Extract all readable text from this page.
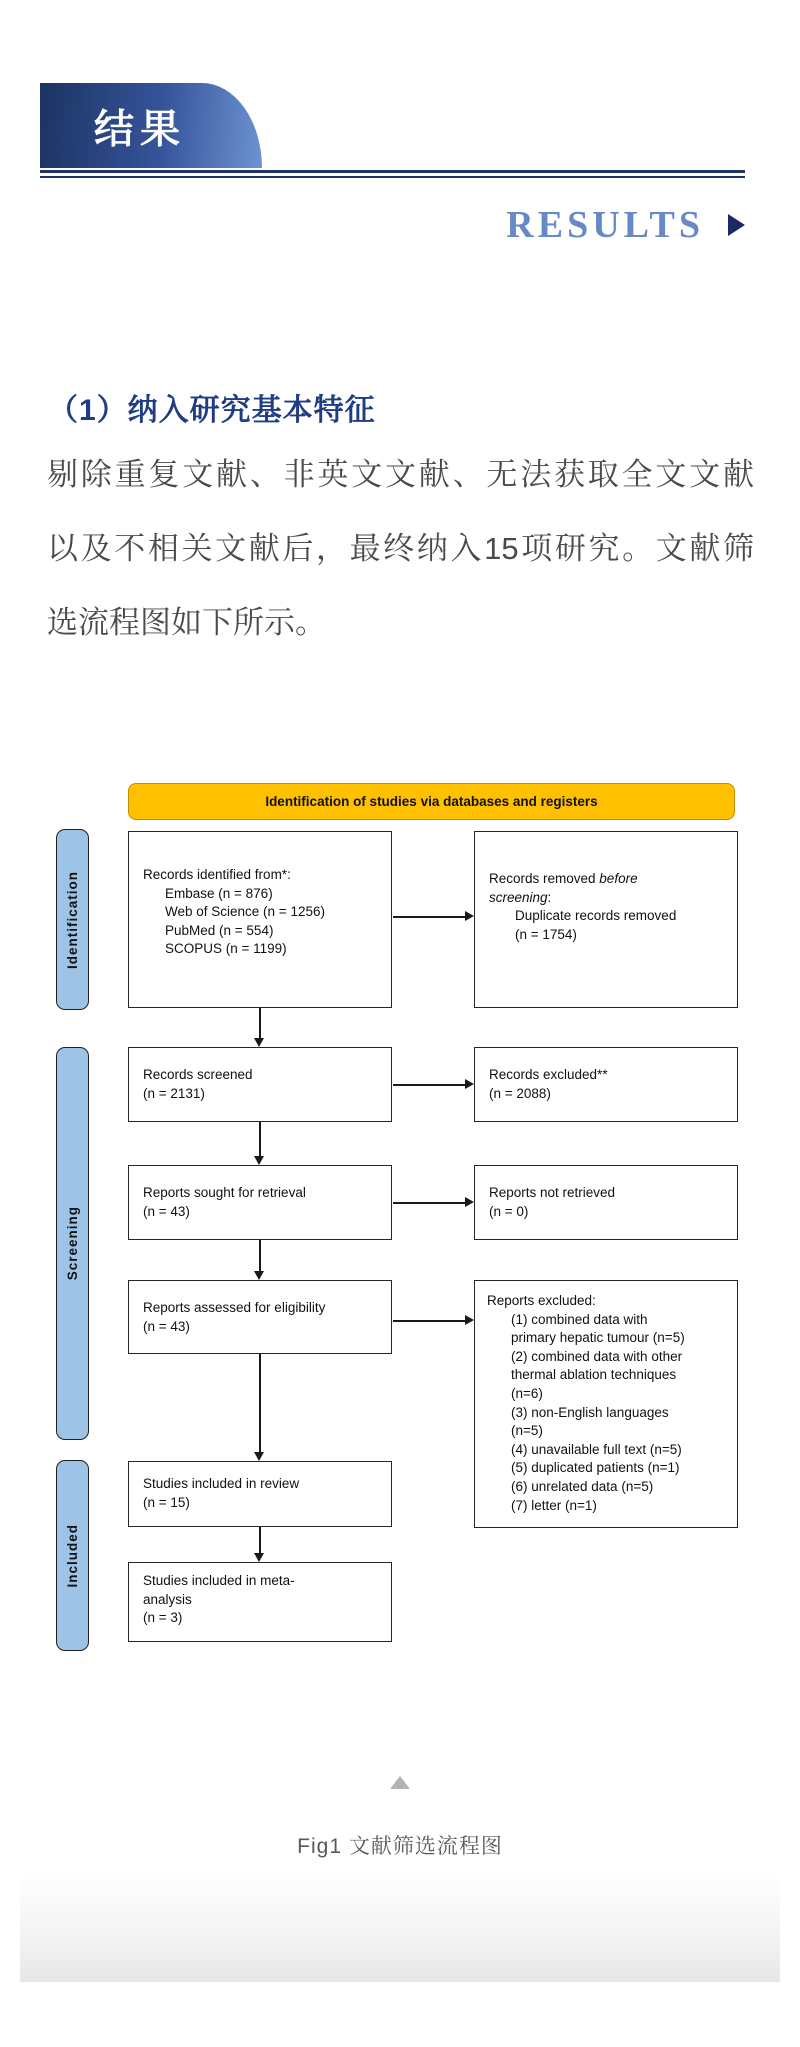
结果
RESULTS
（1）纳入研究基本特征
剔除重复文献、非英文文献、无法获取全文文献
以及不相关文献后，最终纳入15项研究。文献筛
选流程图如下所示。
Identification of studies via databases and registers
Identification
Screening
Included
Records identified from*:
Embase (n = 876)
Web of Science (n = 1256)
PubMed (n = 554)
SCOPUS (n = 1199)
Records removed before
screening:
Duplicate records removed
(n = 1754)
Records screened
(n = 2131)
Records excluded**
(n = 2088)
Reports sought for retrieval
(n = 43)
Reports not retrieved
(n = 0)
Reports assessed for eligibility
(n = 43)
Reports excluded:
(1) combined data with
primary hepatic tumour (n=5)
(2) combined data with other
thermal ablation techniques
(n=6)
(3) non-English languages
(n=5)
(4) unavailable full text (n=5)
(5) duplicated patients (n=1)
(6) unrelated data (n=5)
(7) letter (n=1)
Studies included in review
(n = 15)
Studies included in meta-
analysis
(n = 3)
Fig1 文献筛选流程图
